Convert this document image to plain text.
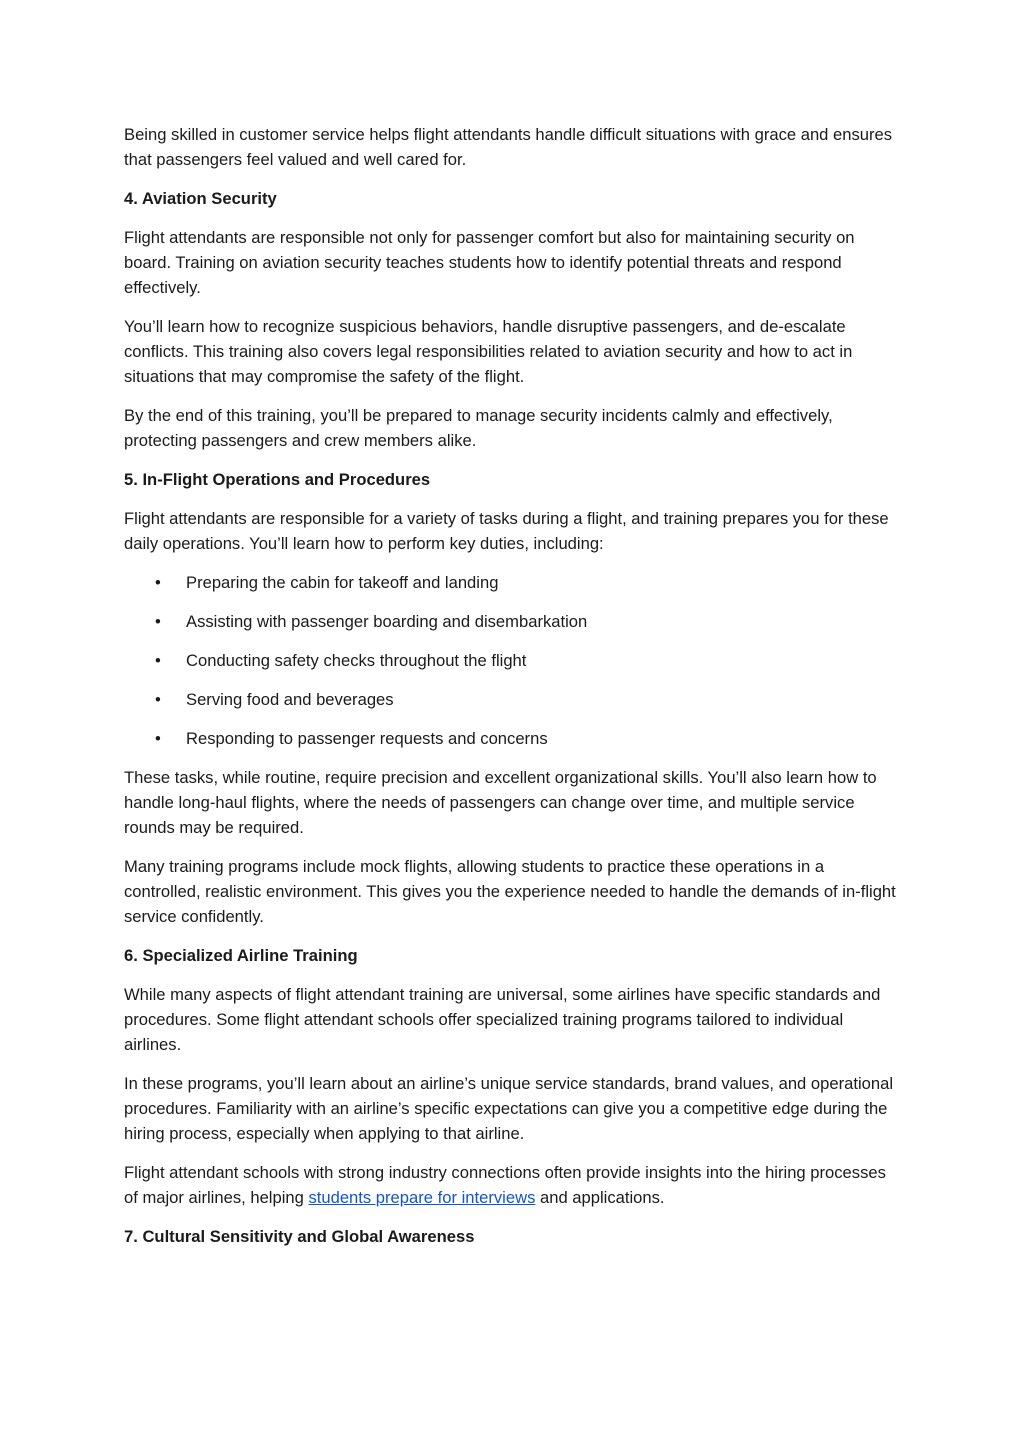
Being skilled in customer service helps flight attendants handle difficult situations with grace and ensures that passengers feel valued and well cared for.

4. Aviation Security

Flight attendants are responsible not only for passenger comfort but also for maintaining security on board. Training on aviation security teaches students how to identify potential threats and respond effectively.

You’ll learn how to recognize suspicious behaviors, handle disruptive passengers, and de-escalate conflicts. This training also covers legal responsibilities related to aviation security and how to act in situations that may compromise the safety of the flight.

By the end of this training, you’ll be prepared to manage security incidents calmly and effectively, protecting passengers and crew members alike.

5. In-Flight Operations and Procedures

Flight attendants are responsible for a variety of tasks during a flight, and training prepares you for these daily operations. You’ll learn how to perform key duties, including:

• Preparing the cabin for takeoff and landing
• Assisting with passenger boarding and disembarkation
• Conducting safety checks throughout the flight
• Serving food and beverages
• Responding to passenger requests and concerns

These tasks, while routine, require precision and excellent organizational skills. You’ll also learn how to handle long-haul flights, where the needs of passengers can change over time, and multiple service rounds may be required.

Many training programs include mock flights, allowing students to practice these operations in a controlled, realistic environment. This gives you the experience needed to handle the demands of in-flight service confidently.

6. Specialized Airline Training

While many aspects of flight attendant training are universal, some airlines have specific standards and procedures. Some flight attendant schools offer specialized training programs tailored to individual airlines.

In these programs, you’ll learn about an airline’s unique service standards, brand values, and operational procedures. Familiarity with an airline’s specific expectations can give you a competitive edge during the hiring process, especially when applying to that airline.

Flight attendant schools with strong industry connections often provide insights into the hiring processes of major airlines, helping students prepare for interviews and applications.

7. Cultural Sensitivity and Global Awareness
